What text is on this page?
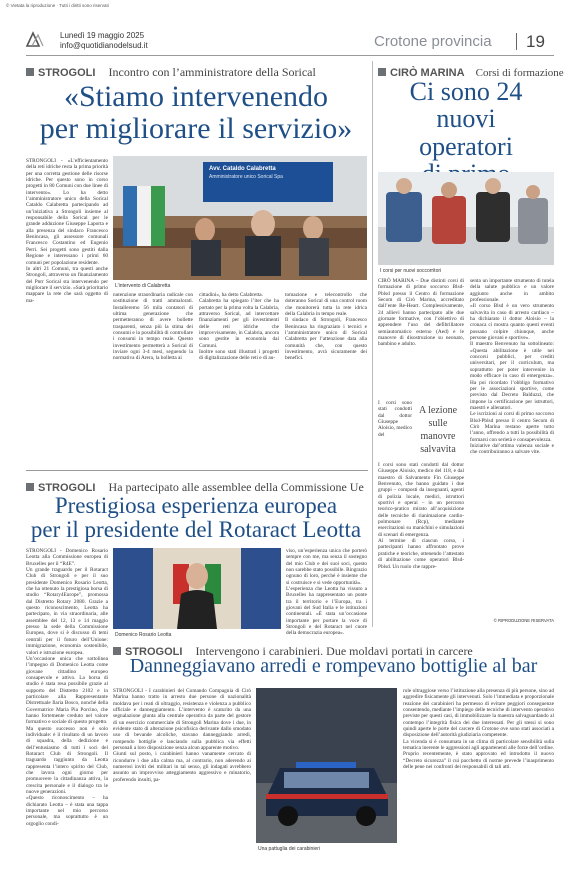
© Vietata la riproduzione · Tutti i diritti sono riservati
Lunedì 19 maggio 2025
info@quotidianodelsud.it	Crotone provincia 19
STROGOLI Incontro con l’amministratore della Sorical
«Stiamo intervenendo
per migliorare il servizio»
STRONGOLI - «L’efficientamento della reti idriche resta la prima priorità per una corretta gestione delle risorse idriche. Per questo sono in corso progetti in 80 Comuni con due linee di intervento». Lo ha detto l’amministratore unico della Sorical Cataldo Calabretta partecipando ad un’iniziativa a Strongoli insieme al responsabile della Sorical per le grande adduzione Giuseppe Laporta e alla presenza del sindaco Francesco Benincasa, gli assessore comunali Francesco Costantino ed Eugenio Perri. Sei progetti sono gestiti dalla Regione e interessano i primi 60 comuni per popolazione residente.
In altri 21 Comuni, tra questi anche Strongoli, attraverso un finanziamento del Pnrr Sorical sta intervenendo per migliorare il servizio. «Sarà prioritario mappare la rete che sarà oggetto di ma-
Avv. Cataldo Calabretta
Amministratore unico Sorical Spa
L’intervento di Calabretta
nutenzione straordinaria radicale con sostituzione di tratti ammalorati. Installeremo 56 mila contatori di ultima generazione che permetteranno di avere bollette trasparenti, senza più la stima dei consumi e la possibilità di controllare i consumi in tempo reale. Questo investimento permetterà a Sorical di inviare ogni 3-4 mesi, seguendo la normativa di Arera, la bolletta ai
cittadini», ha detto Calabretta.
Calabretta ha spiegato l’iter che ha portato per la prima volta la Calabria, attraverso Sorical, ad intercettare finanziamenti per gli investimenti delle reti idriche che improvvisamente, in Calabria, ancora sono gestite in economia dai Comuni.
Inoltre sono stati illustrati i progetti di digitalizzazione delle reti e di au-
tomazione e telecontrollo che doteranno Sorical di una control room che monitorerà tutta la rete idrica della Calabria in tempo reale.
Il sindaco di Strongoli, Francesco Benincasa ha ringraziato i tecnici e l’amministratore unico di Sorical Calabretta per l’attenzione data alla comunità che, con questo investimento, avrà sicuramente dei benefici.
CIRÒ MARINA Corsi di formazione
Ci sono 24 nuovi
operatori
I corsi per nuovi soccorritori
CIRÒ MARINA – Due distinti corsi di formazione di primo soccorso Blsd-Pblsd presso il Centro di formazione Secom di Cirò Marina, accreditato dall’ente Re-Heart. Complessivamente, 24 allievi hanno partecipato alle due giornate formative, con l’obiettivo di apprendere l’uso del defibrillatore semiautomatico esterno (Aed) e le manovre di disostruzione su neonato, bambino e adulto.
A lezione sulle manovre salvavita
I corsi sono stati condotti dal dottor Giuseppe Aloisio, medico del
I corsi sono stati condotti dal dottor Giuseppe Aloisio, medico del 118, e dal maestro di Salvamento Fin Giuseppe Benvenuto, che hanno guidato i due gruppi – composti da insegnanti, agenti di polizia locale, medici, istruttori sportivi e operai – in un percorso teorico-pratico mirato all’acquisizione delle tecniche di rianimazione cardio-polmonare (Rcp), mediante esercitazioni su manichini e simulazioni di scenari di emergenza.
Al termine di ciascun corso, i partecipanti hanno affrontato prove pratiche e teoriche, ottenendo l’attestato di abilitazione come operatori Blsd-Pblsd. Un ruolo che rappre-
senta un importante strumento di tutela della salute pubblica e un valore aggiunto anche in ambito professionale.
«Il corso Blsd è un vero strumento salvavita in caso di arresto cardiaco – ha dichiarato il dottor Aloisio – la cronaca ci mostra quanto questi eventi possano colpire chiunque, anche persone giovani e sportive».
Il maestro Benvenuto ha sottolineato: «Questa abilitazione è utile nei concorsi pubblici, per crediti universitari, per il curriculum, ma soprattutto per poter intervenire in modo efficace in caso di emergenza». Ha poi ricordato l’obbligo formativo per le associazioni sportive, come previsto dal Decreto Balduzzi, che impone la certificazione per istruttori, maestri e allenatori.
Le iscrizioni ai corsi di primo soccorso Blsd-Pblsd presso il centro Secom di Cirò Marina restano aperte tutto l’anno, offrendo a tutti la possibilità di formarsi con serietà e consapevolezza.
Iniziative dal’ottima valenza sociale e che contribuiranno a salvare vite.
© RIPRODUZIONE RISERVATA
STROGOLI Ha partecipato alle assemblee della Commissione Ue
Prestigiosa esperienza europea
per il presidente del Rotaract Leotta
STRONGOLI - Domenico Rosario Leotta alla Commissione europea di Bruxelles per il “R4E”.
Un grande traguardo per il Rotaract Club di Strongoli e per il suo presidente Domenico Rosario Leotta, che ha ottenuto la prestigiosa borsa di studio “Rotary4Europe”, promossa dal Distretto Rotary 2080. Grazie a questo riconoscimento, Leotta ha partecipato, in via straordinaria, alle assemblee del 12, 13 e 14 maggio presso la sede della Commissione Europea, dove si è discusso di temi centrali per il futuro dell’Unione: immigrazione, economia sostenibile, valori e istruzione europea.
Un’occasione unica che sottolinea l’impegno di Domenico Leotta come giovane cittadino europeo consapevole e attivo. La borsa di studio è stata resa possibile grazie al supporto del Distretto 2102 e in particolare alla Rappresentante Distrettuale Ilaria Bosco, nonché della Governatrice Maria Pia Porcino, che hanno fortemente creduto nel valore formativo e sociale di questo progetto.
Ma questo successo non è solo individuale: è il risultato di un lavoro di squadra, della dedizione e dell’entusiasmo di tutti i soci del Rotaract Club di Strongoli. Il traguardo raggiunto da Leotta rappresenta l’intero spirito del Club, che lavora ogni giorno per promuovere la cittadinanza attiva, la crescita personale e il dialogo tra le nuove generazioni.
«Questo riconoscimento – ha dichiarato Leotta – è stata una tappa importante nel mio percorso personale, ma soprattutto è un orgoglio condi-
Domenico Rosario Leotta
viso, un’esperienza unica che porterò sempre con me, ma senza il sostegno del mio Club e dei suoi soci, questo non sarebbe stato possibile. Ringrazio ognuno di loro, perché è insieme che si costruisce e si vede opportunità».
L’esperienza che Leotta ha vissuto a Bruxelles ha rappresentato un ponte tra il territorio e l’Europa, tra i giovani del Sud Italia e le istituzioni continentali. «È stata un’occasione importante per portare la voce di Strongoli e del Rotaract nel cuore della democrazia europea».
STROGOLI Intervengono i carabinieri. Due moldavi portati in carcere
Danneggiavano arredi e rompevano bottiglie al bar
STRONGOLI - I carabinieri del Comando Compagnia di Cirò Marina hanno tratto in arresto due persone di nazionalità moldava per i reati di oltraggio, resistenza e violenza a pubblico ufficiale e danneggiamento. L’intervento è scaturito da una segnalazione giunta alla centrale operativa da parte del gestore di un esercizio commerciale di Strongoli Marina dove i due, in evidente stato di alterazione psicofisica derivante dallo smodato uso di bevande alcoliche, stavano danneggiando arredi, rompendo bottiglie e lanciando sulla pubblica via effetti personali a loro disposizione senza alcun apparente motivo.
Giunti sul posto, i carabinieri hanno vanamente cercato di ricondurre i due alla calma ma, al contrario, non aderendo ai numerosi inviti dei militari in tal senso, gli indagati avrebbero assunto un improvviso atteggiamento aggressivo e minatorio, proferendo insulti, pa-
Una pattuglia dei carabinieri
role oltraggiose verso l’istituzione alla presenza di più persone, sino ad aggredire fisicamente gli intervenuti. Solo l’immediata e proporzionale reazione dei carabinieri ha permesso di evitare peggiori conseguenze consentendo, mediante l’impiego delle tecniche di intervento operativo previste per questi casi, di immobilizzare la maestra salvaguardando al contempo l’integrità fisica dei due interessati. Per gli stessi si sono quindi aperte le porte del carcere di Crotone ove sono stati associati a disposizione dell’autorità giudiziaria competente.
La vicenda si è consumata in un clima di particolare sensibilità sulla tematica inerente le aggressioni agli appartenenti alle forze dell’ordine. Proprio recentemente, è stato approvato ed introdotto il nuovo “Decreto sicurezza” il cui pacchetto di norme prevede l’inasprimento delle pene nei confronti dei responsabili di tali atti.
